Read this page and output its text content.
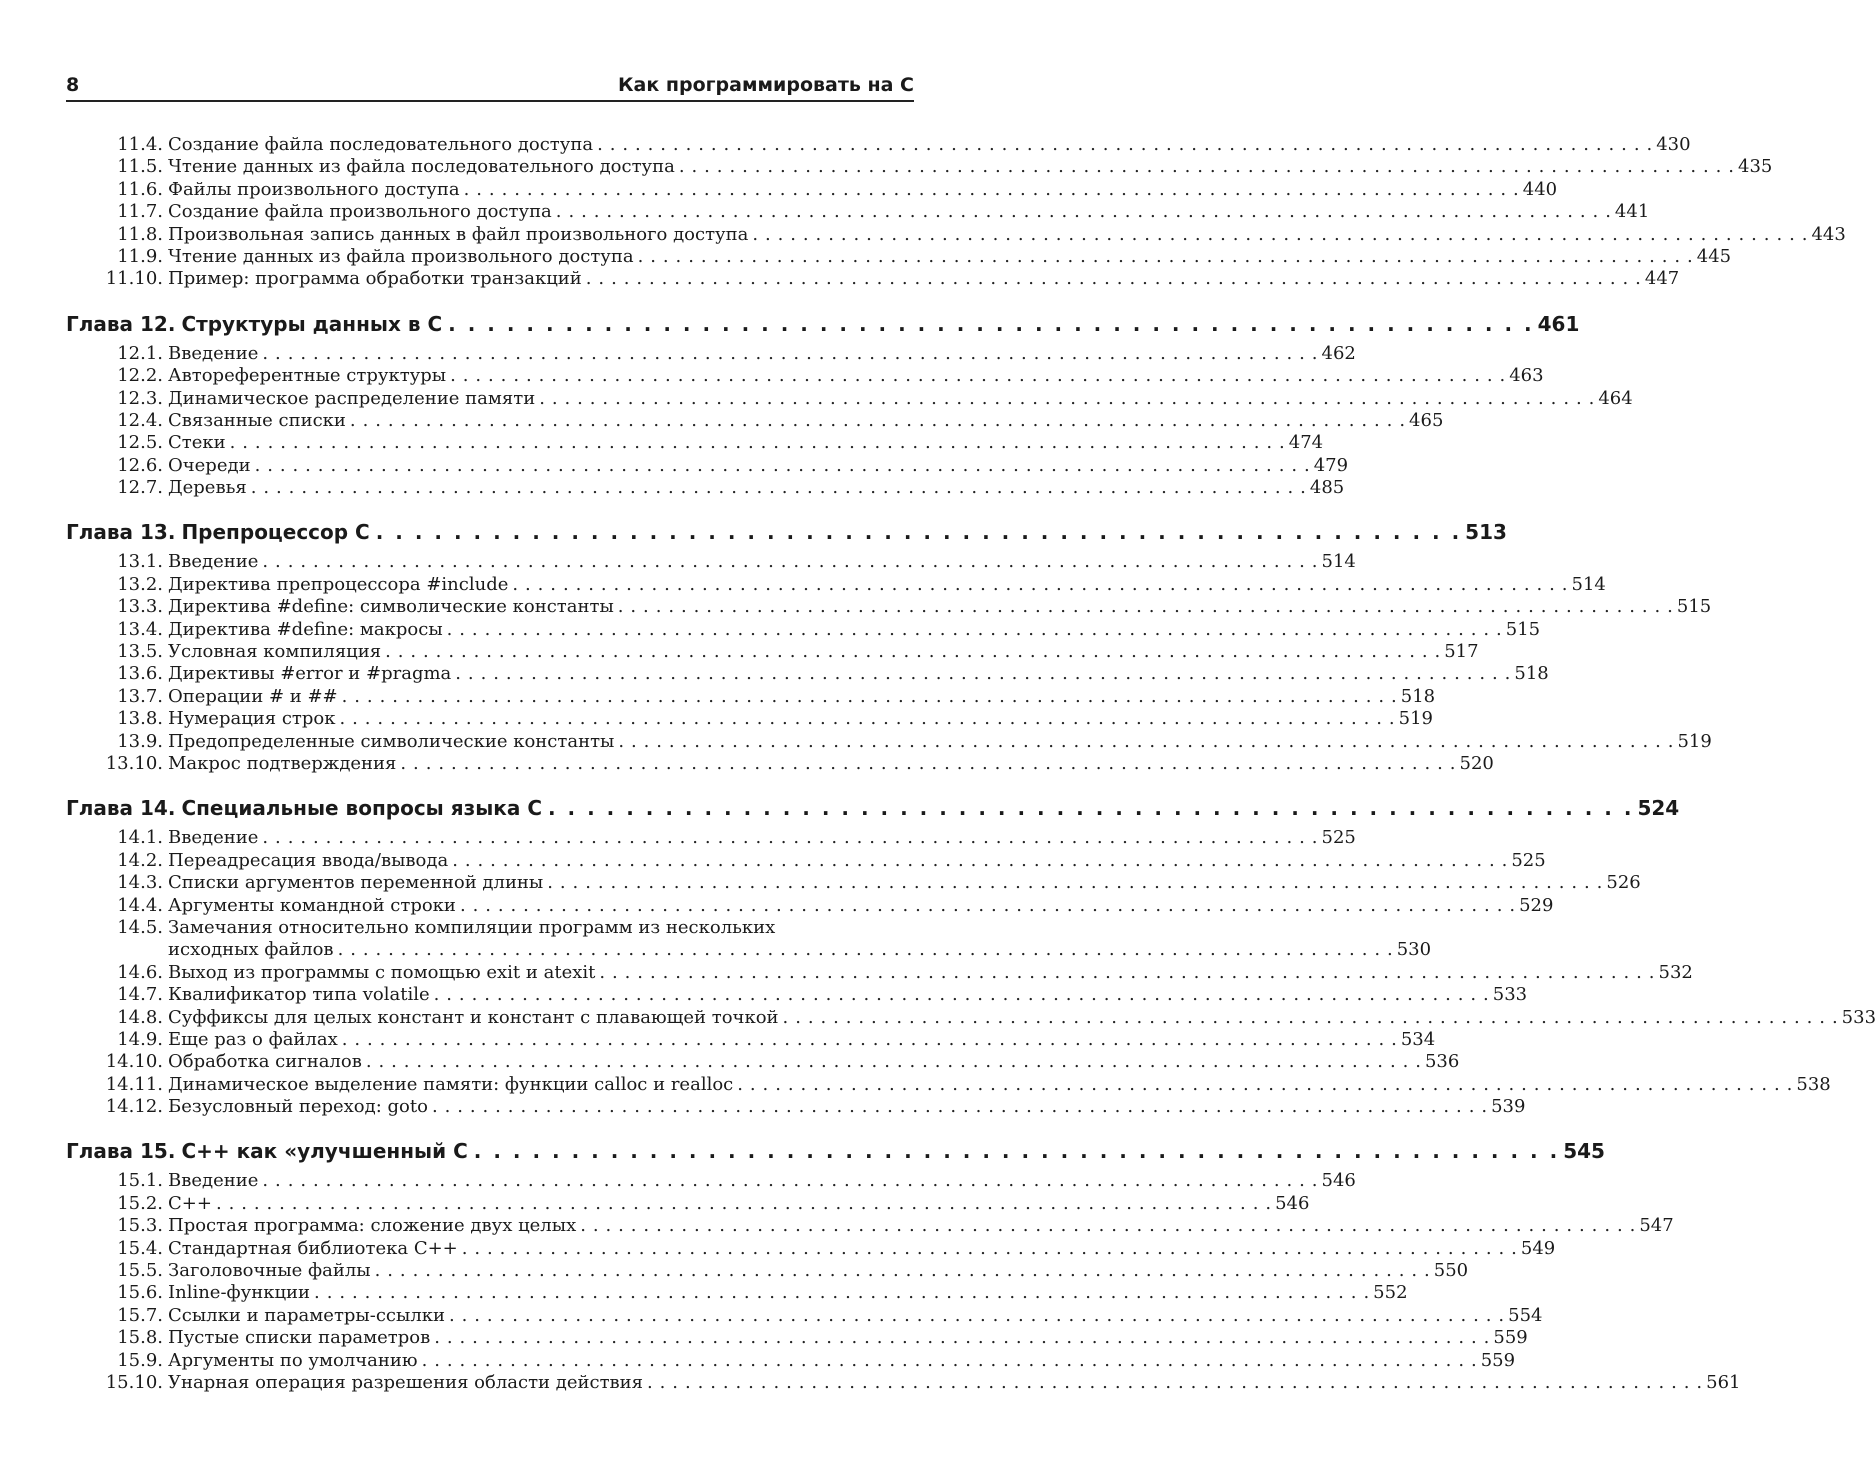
8	Как программировать на С
11.4. Создание файла последовательного доступа . . .	430
11.5. Чтение данных из файла последовательного доступа . . .	435
11.6. Файлы произвольного доступа . . .	440
11.7. Создание файла произвольного доступа . . .	441
11.8. Произвольная запись данных в файл произвольного доступа . . .	443
11.9. Чтение данных из файла произвольного доступа . . .	445
11.10. Пример: программа обработки транзакций . . .	447
Глава 12. Структуры данных в С . . .	461
12.1. Введение . . .	462
12.2. Автореферентные структуры . . .	463
12.3. Динамическое распределение памяти . . .	464
12.4. Связанные списки . . .	465
12.5. Стеки . . .	474
12.6. Очереди . . .	479
12.7. Деревья . . .	485
Глава 13. Препроцессор С . . .	513
13.1. Введение . . .	514
13.2. Директива препроцессора #include . . .	514
13.3. Директива #define: символические константы . . .	515
13.4. Директива #define: макросы . . .	515
13.5. Условная компиляция . . .	517
13.6. Директивы #error и #pragma . . .	518
13.7. Операции # и ## . . .	518
13.8. Нумерация строк . . .	519
13.9. Предопределенные символические константы . . .	519
13.10. Макрос подтверждения . . .	520
Глава 14. Специальные вопросы языка С . . .	524
14.1. Введение . . .	525
14.2. Переадресация ввода/вывода . . .	525
14.3. Списки аргументов переменной длины . . .	526
14.4. Аргументы командной строки . . .	529
14.5. Замечания относительно компиляции программ из нескольких
исходных файлов . . .	530
14.6. Выход из программы с помощью exit и atexit . . .	532
14.7. Квалификатор типа volatile . . .	533
14.8. Суффиксы для целых констант и констант с плавающей точкой . . .	533
14.9. Еще раз о файлах . . .	534
14.10. Обработка сигналов . . .	536
14.11. Динамическое выделение памяти: функции calloc и realloc . . .	538
14.12. Безусловный переход: goto . . .	539
Глава 15. С++ как «улучшенный С . . .	545
15.1. Введение . . .	546
15.2. С++ . . .	546
15.3. Простая программа: сложение двух целых . . .	547
15.4. Стандартная библиотека С++ . . .	549
15.5. Заголовочные файлы . . .	550
15.6. Inline-функции . . .	552
15.7. Ссылки и параметры-ссылки . . .	554
15.8. Пустые списки параметров . . .	559
15.9. Аргументы по умолчанию . . .	559
15.10. Унарная операция разрешения области действия . . .	561
